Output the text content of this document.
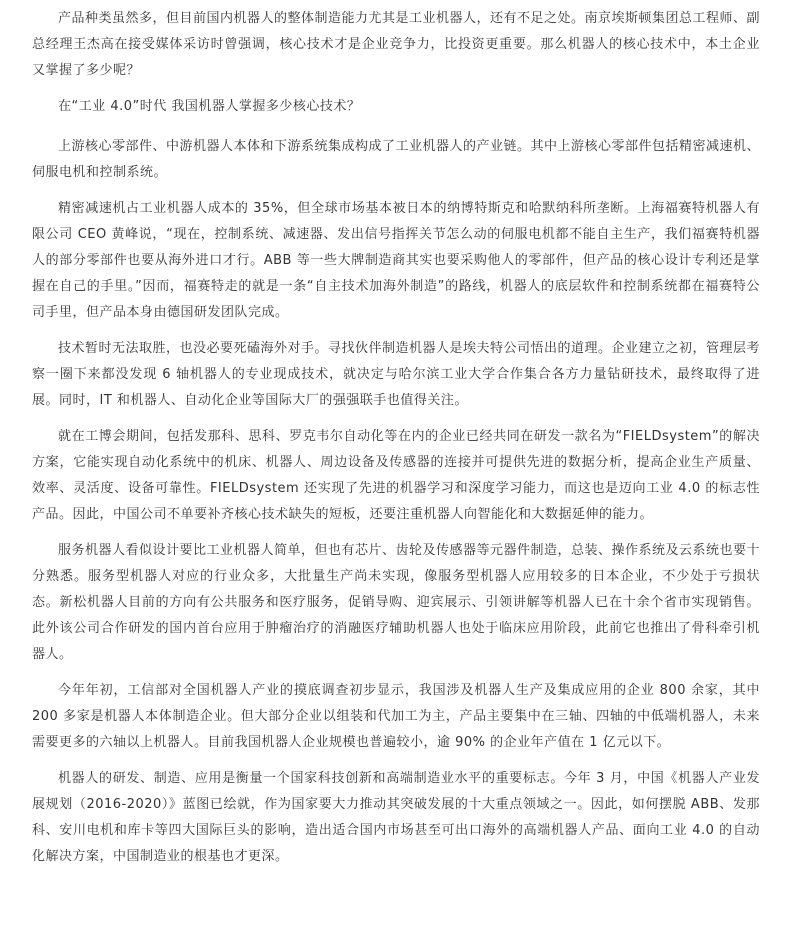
产品种类虽然多，但目前国内机器人的整体制造能力尤其是工业机器人，还有不足之处。南京埃斯顿集团总工程师、副总经理王杰高在接受媒体采访时曾强调，核心技术才是企业竞争力，比投资更重要。那么机器人的核心技术中，本土企业又掌握了多少呢？

在“工业 4.0”时代 我国机器人掌握多少核心技术？

上游核心零部件、中游机器人本体和下游系统集成构成了工业机器人的产业链。其中上游核心零部件包括精密减速机、伺服电机和控制系统。

精密减速机占工业机器人成本的 35%，但全球市场基本被日本的纳博特斯克和哈默纳科所垄断。上海福赛特机器人有限公司 CEO 黄峰说，“现在，控制系统、减速器、发出信号指挥关节怎么动的伺服电机都不能自主生产，我们福赛特机器人的部分零部件也要从海外进口才行。ABB 等一些大牌制造商其实也要采购他人的零部件，但产品的核心设计专利还是掌握在自己的手里。”因而，福赛特走的就是一条“自主技术加海外制造”的路线，机器人的底层软件和控制系统都在福赛特公司手里，但产品本身由德国研发团队完成。

技术暂时无法取胜，也没必要死磕海外对手。寻找伙伴制造机器人是埃夫特公司悟出的道理。企业建立之初，管理层考察一圈下来都没发现 6 轴机器人的专业现成技术，就决定与哈尔滨工业大学合作集合各方力量钻研技术，最终取得了进展。同时，IT 和机器人、自动化企业等国际大厂的强强联手也值得关注。

就在工博会期间，包括发那科、思科、罗克韦尔自动化等在内的企业已经共同在研发一款名为“FIELDsystem”的解决方案，它能实现自动化系统中的机床、机器人、周边设备及传感器的连接并可提供先进的数据分析，提高企业生产质量、效率、灵活度、设备可靠性。FIELDsystem 还实现了先进的机器学习和深度学习能力，而这也是迈向工业 4.0 的标志性产品。因此，中国公司不单要补齐核心技术缺失的短板，还要注重机器人向智能化和大数据延伸的能力。

服务机器人看似设计要比工业机器人简单，但也有芯片、齿轮及传感器等元器件制造，总装、操作系统及云系统也要十分熟悉。服务型机器人对应的行业众多，大批量生产尚未实现，像服务型机器人应用较多的日本企业，不少处于亏损状态。新松机器人目前的方向有公共服务和医疗服务，促销导购、迎宾展示、引领讲解等机器人已在十余个省市实现销售。此外该公司合作研发的国内首台应用于肿瘤治疗的消融医疗辅助机器人也处于临床应用阶段，此前它也推出了骨科牵引机器人。

今年年初，工信部对全国机器人产业的摸底调查初步显示，我国涉及机器人生产及集成应用的企业 800 余家，其中 200 多家是机器人本体制造企业。但大部分企业以组装和代加工为主，产品主要集中在三轴、四轴的中低端机器人，未来需要更多的六轴以上机器人。目前我国机器人企业规模也普遍较小，逾 90% 的企业年产值在 1 亿元以下。

机器人的研发、制造、应用是衡量一个国家科技创新和高端制造业水平的重要标志。今年 3 月，中国《机器人产业发展规划（2016-2020）》蓝图已绘就，作为国家要大力推动其突破发展的十大重点领域之一。因此，如何摆脱 ABB、发那科、安川电机和库卡等四大国际巨头的影响，造出适合国内市场甚至可出口海外的高端机器人产品、面向工业 4.0 的自动化解决方案，中国制造业的根基也才更深。
